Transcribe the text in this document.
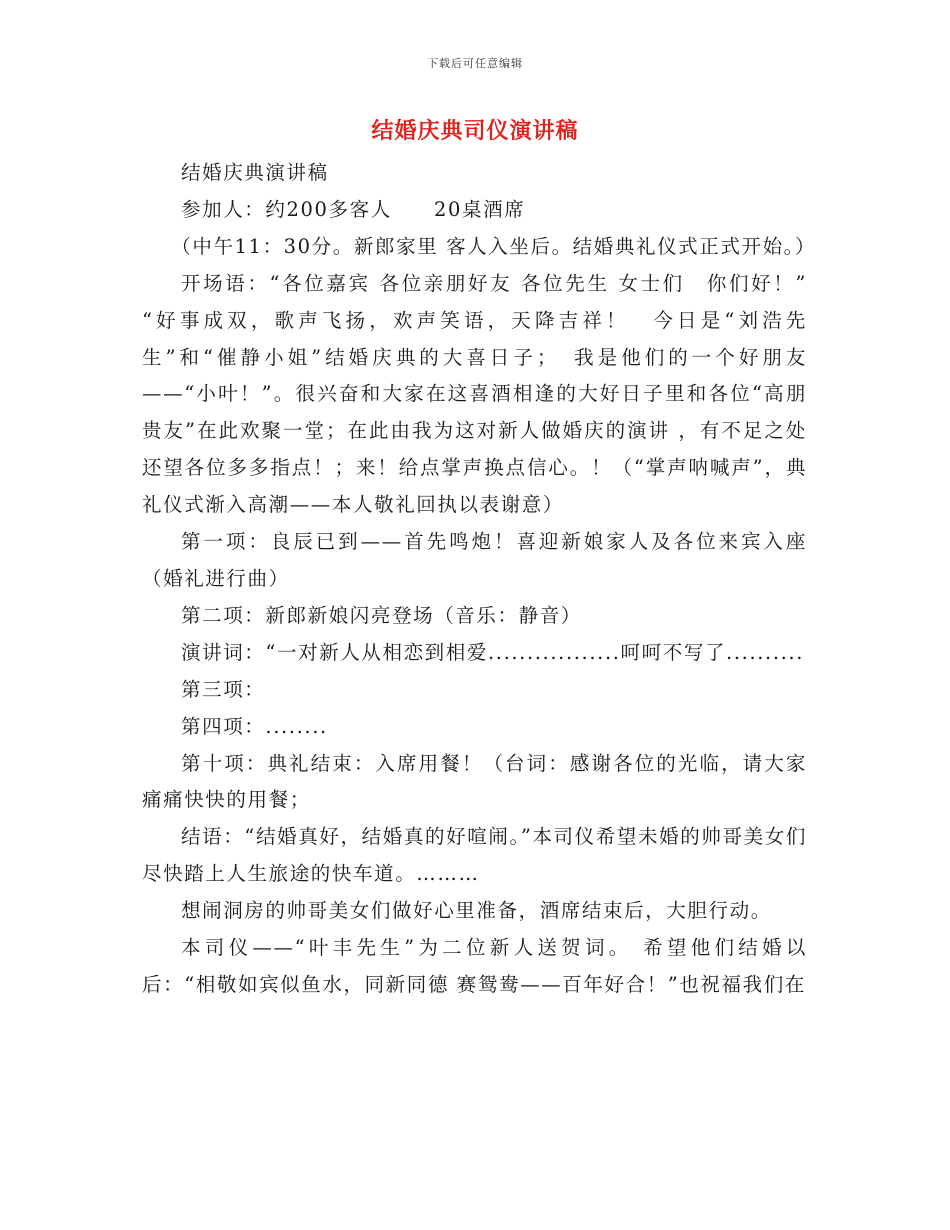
下载后可任意编辑
结婚庆典司仪演讲稿

结婚庆典演讲稿

参加人：约200多客人　　20桌酒席

（中午11：30分。新郎家里 客人入坐后。结婚典礼仪式正式开始。）

开场语：“各位嘉宾 各位亲朋好友 各位先生 女士们　你们好！” “好事成双，歌声飞扬，欢声笑语，天降吉祥！　今日是“刘浩先生”和“催静小姐”结婚庆典的大喜日子；　我是他们的一个好朋友——“小叶！”。很兴奋和大家在这喜酒相逢的大好日子里和各位“高朋贵友”在此欢聚一堂；在此由我为这对新人做婚庆的演讲 ，有不足之处还望各位多多指点！；来！给点掌声换点信心。！（“掌声呐喊声”，典礼仪式渐入高潮——本人敬礼回执以表谢意）

第一项：良辰已到——首先鸣炮！喜迎新娘家人及各位来宾入座（婚礼进行曲）

第二项：新郎新娘闪亮登场（音乐：静音）

演讲词：“一对新人从相恋到相爱.................呵呵不写了..........

第三项：

第四项：........

第十项：典礼结束：入席用餐！（台词：感谢各位的光临，请大家痛痛快快的用餐；

结语：“结婚真好，结婚真的好喧闹。”本司仪希望未婚的帅哥美女们尽快踏上人生旅途的快车道。………

想闹洞房的帅哥美女们做好心里准备，酒席结束后，大胆行动。

本司仪——“叶丰先生”为二位新人送贺词。 希望他们结婚以后：“相敬如宾似鱼水，同新同德 赛鸳鸯——百年好合！”也祝福我们在
